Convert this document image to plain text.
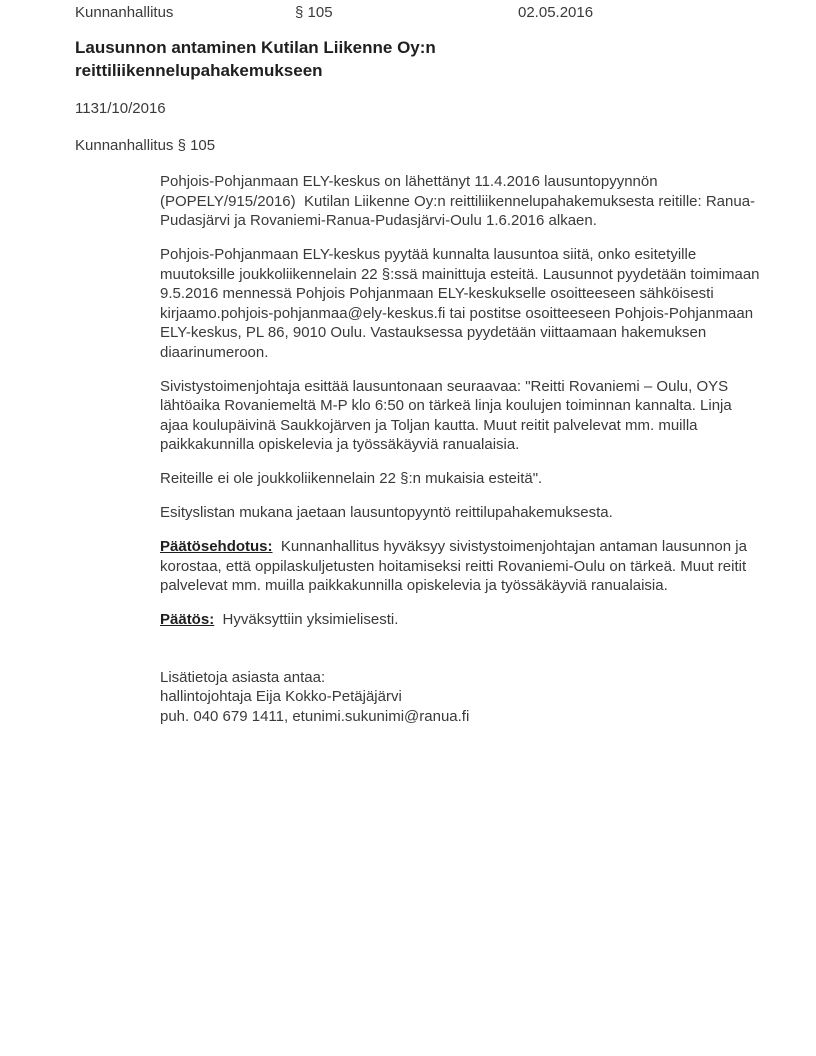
Kunnanhallitus	§ 105	02.05.2016
Lausunnon antaminen Kutilan Liikenne Oy:n reittiliikennelupahakemukseen
1131/10/2016
Kunnanhallitus § 105

Pohjois-Pohjanmaan ELY-keskus on lähettänyt 11.4.2016 lausuntopyynnön (POPELY/915/2016)  Kutilan Liikenne Oy:n reittiliikennelupahakemuksesta reitille: Ranua-Pudasjärvi ja Rovaniemi-Ranua-Pudasjärvi-Oulu 1.6.2016 alkaen.

Pohjois-Pohjanmaan ELY-keskus pyytää kunnalta lausuntoa siitä, onko esitetyille muutoksille joukkoliikennelain 22 §:ssä mainittuja esteitä. Lausunnot pyydetään toimimaan 9.5.2016 mennessä Pohjois Pohjanmaan ELY-keskukselle osoitteeseen sähköisesti kirjaamo.pohjois-pohjanmaa@ely-keskus.fi tai postitse osoitteeseen Pohjois-Pohjanmaan ELY-keskus, PL 86, 9010 Oulu. Vastauksessa pyydetään viittaamaan hakemuksen diaarinumeroon.

Sivistystoimenjohtaja esittää lausuntonaan seuraavaa: "Reitti Rovaniemi – Oulu, OYS lähtöaika Rovaniemeltä M-P klo 6:50 on tärkeä linja koulujen toiminnan kannalta. Linja ajaa koulupäivinä Saukkojärven ja Toljan kautta. Muut reitit palvelevat mm. muilla paikkakunnilla opiskelevia ja työssäkäyviä ranualaisia.

Reiteille ei ole joukkoliikennelain 22 §:n mukaisia esteitä".

Esityslistan mukana jaetaan lausuntopyyntö reittilupahakemuksesta.

Päätösehdotus:  Kunnanhallitus hyväksyy sivistystoimenjohtajan antaman lausunnon ja korostaa, että oppilaskuljetusten hoitamiseksi reitti Rovaniemi-Oulu on tärkeä. Muut reitit palvelevat mm. muilla paikkakunnilla opiskelevia ja työssäkäyviä ranualaisia.

Päätös:  Hyväksyttiin yksimielisesti.

Lisätietoja asiasta antaa:
hallintojohtaja Eija Kokko-Petäjäjärvi
puh. 040 679 1411, etunimi.sukunimi@ranua.fi
